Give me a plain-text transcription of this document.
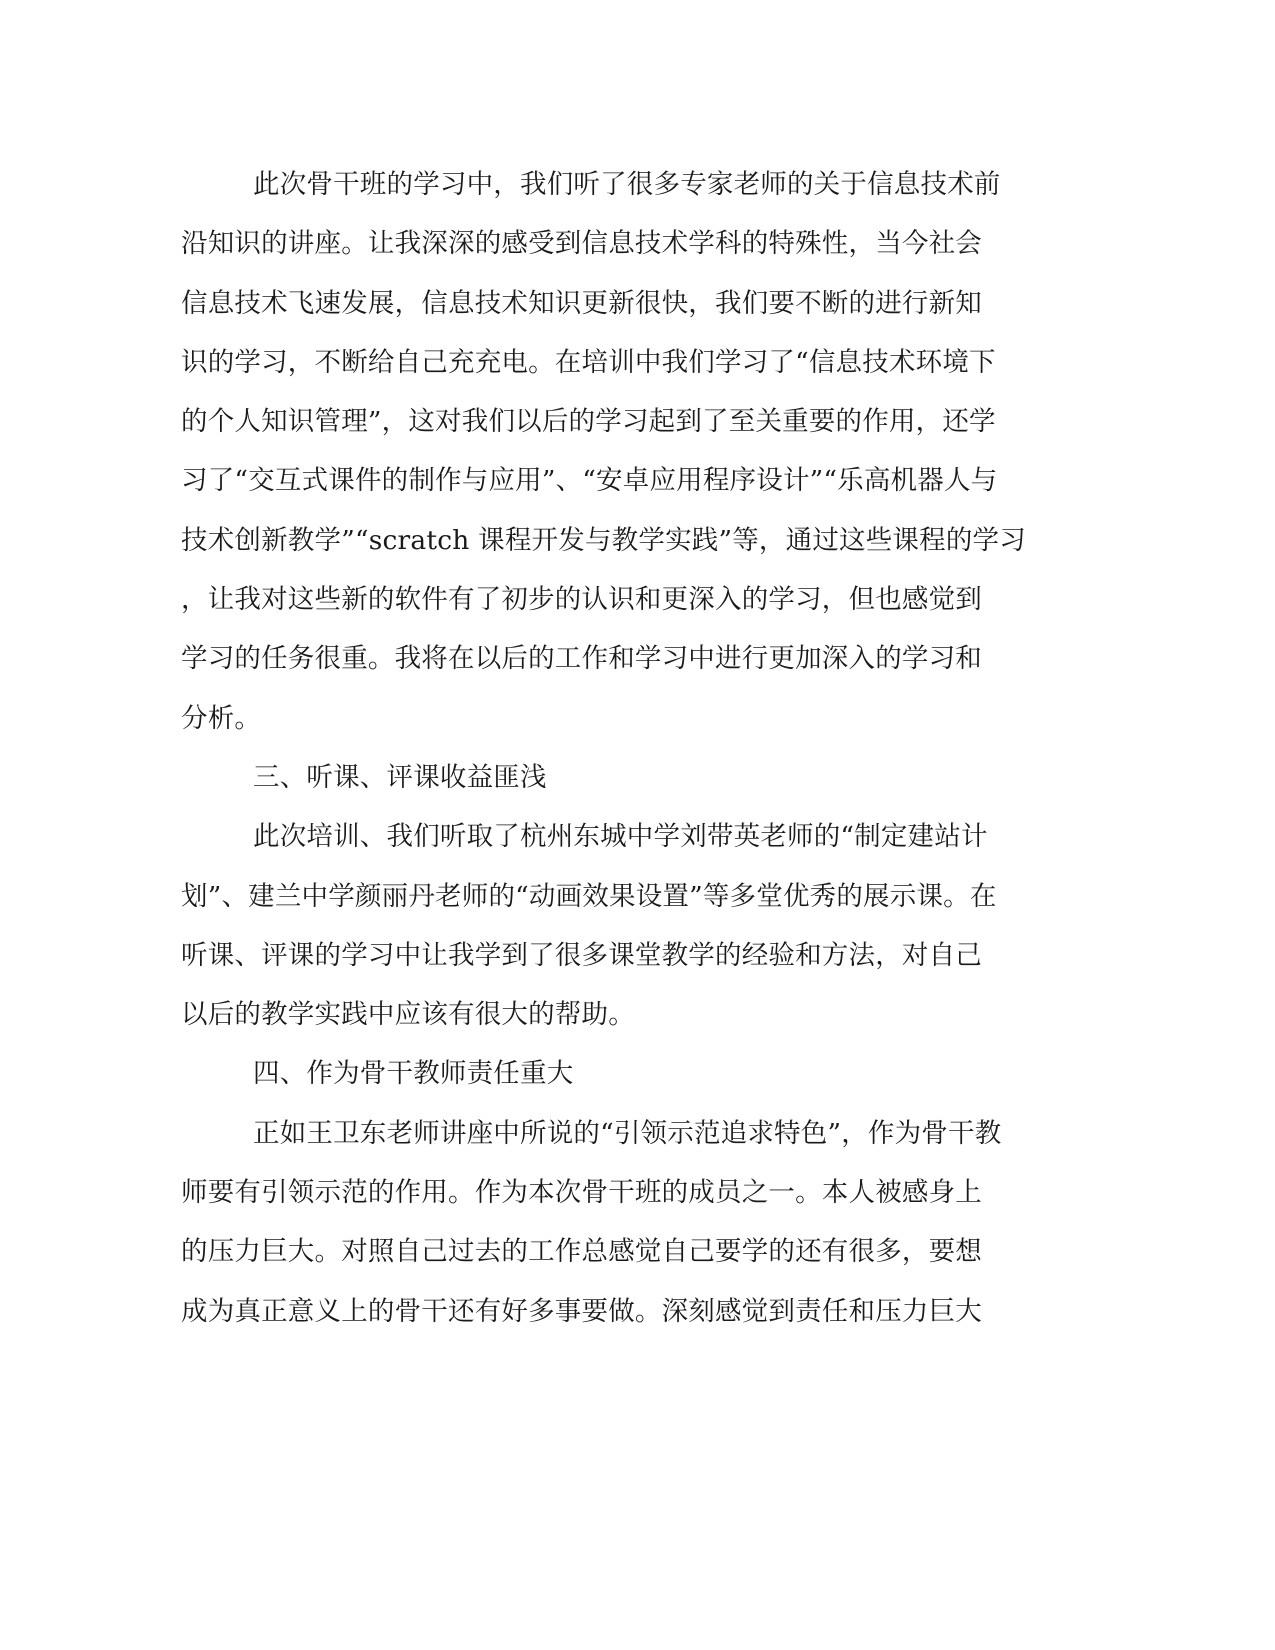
此次骨干班的学习中，我们听了很多专家老师的关于信息技术前
沿知识的讲座。让我深深的感受到信息技术学科的特殊性，当今社会
信息技术飞速发展，信息技术知识更新很快，我们要不断的进行新知
识的学习，不断给自己充充电。在培训中我们学习了“信息技术环境下
的个人知识管理”，这对我们以后的学习起到了至关重要的作用，还学
习了“交互式课件的制作与应用”、“安卓应用程序设计”“乐高机器人与
技术创新教学”“scratch 课程开发与教学实践”等，通过这些课程的学习
，让我对这些新的软件有了初步的认识和更深入的学习，但也感觉到
学习的任务很重。我将在以后的工作和学习中进行更加深入的学习和
分析。
三、听课、评课收益匪浅
此次培训、我们听取了杭州东城中学刘带英老师的“制定建站计
划”、建兰中学颜丽丹老师的“动画效果设置”等多堂优秀的展示课。在
听课、评课的学习中让我学到了很多课堂教学的经验和方法，对自己
以后的教学实践中应该有很大的帮助。
四、作为骨干教师责任重大
正如王卫东老师讲座中所说的“引领示范追求特色”，作为骨干教
师要有引领示范的作用。作为本次骨干班的成员之一。本人被感身上
的压力巨大。对照自己过去的工作总感觉自己要学的还有很多，要想
成为真正意义上的骨干还有好多事要做。深刻感觉到责任和压力巨大
